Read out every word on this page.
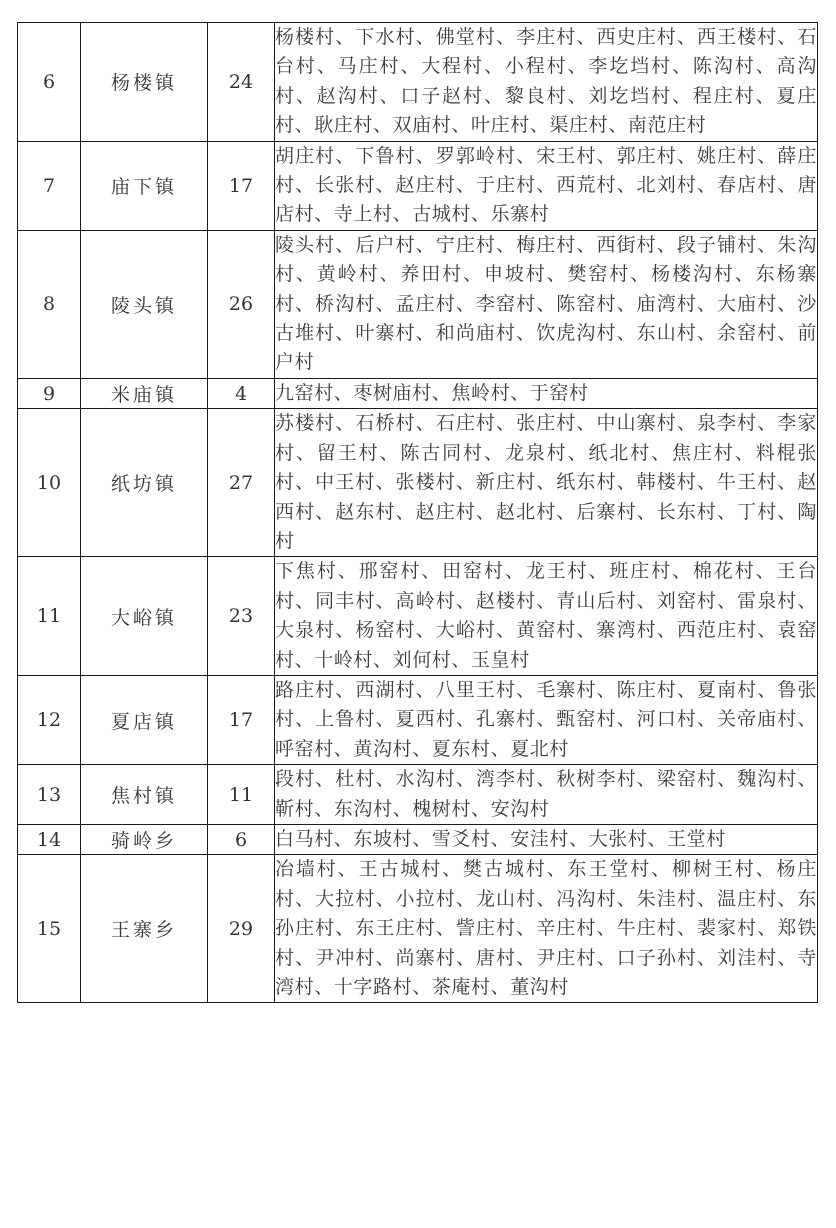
6	杨楼镇	24	杨楼村、下水村、佛堂村、李庄村、西史庄村、西王楼村、石台村、马庄村、大程村、小程村、李圪垱村、陈沟村、高沟村、赵沟村、口子赵村、黎良村、刘圪垱村、程庄村、夏庄村、耿庄村、双庙村、叶庄村、渠庄村、南范庄村
7	庙下镇	17	胡庄村、下鲁村、罗郭岭村、宋王村、郭庄村、姚庄村、薛庄村、长张村、赵庄村、于庄村、西荒村、北刘村、春店村、唐店村、寺上村、古城村、乐寨村
8	陵头镇	26	陵头村、后户村、宁庄村、梅庄村、西街村、段子铺村、朱沟村、黄岭村、养田村、申坡村、樊窑村、杨楼沟村、东杨寨村、桥沟村、孟庄村、李窑村、陈窑村、庙湾村、大庙村、沙古堆村、叶寨村、和尚庙村、饮虎沟村、东山村、余窑村、前户村
9	米庙镇	4	九窑村、枣树庙村、焦岭村、于窑村
10	纸坊镇	27	苏楼村、石桥村、石庄村、张庄村、中山寨村、泉李村、李家村、留王村、陈古同村、龙泉村、纸北村、焦庄村、料棍张村、中王村、张楼村、新庄村、纸东村、韩楼村、牛王村、赵西村、赵东村、赵庄村、赵北村、后寨村、长东村、丁村、陶村
11	大峪镇	23	下焦村、邢窑村、田窑村、龙王村、班庄村、棉花村、王台村、同丰村、高岭村、赵楼村、青山后村、刘窑村、雷泉村、大泉村、杨窑村、大峪村、黄窑村、寨湾村、西范庄村、袁窑村、十岭村、刘何村、玉皇村
12	夏店镇	17	路庄村、西湖村、八里王村、毛寨村、陈庄村、夏南村、鲁张村、上鲁村、夏西村、孔寨村、甄窑村、河口村、关帝庙村、呼窑村、黄沟村、夏东村、夏北村
13	焦村镇	11	段村、杜村、水沟村、湾李村、秋树李村、梁窑村、魏沟村、靳村、东沟村、槐树村、安沟村
14	骑岭乡	6	白马村、东坡村、雪爻村、安洼村、大张村、王堂村
15	王寨乡	29	冶墙村、王古城村、樊古城村、东王堂村、柳树王村、杨庄村、大拉村、小拉村、龙山村、冯沟村、朱洼村、温庄村、东孙庄村、东王庄村、訾庄村、辛庄村、牛庄村、裴家村、郑铁村、尹冲村、尚寨村、唐村、尹庄村、口子孙村、刘洼村、寺湾村、十字路村、茶庵村、董沟村
